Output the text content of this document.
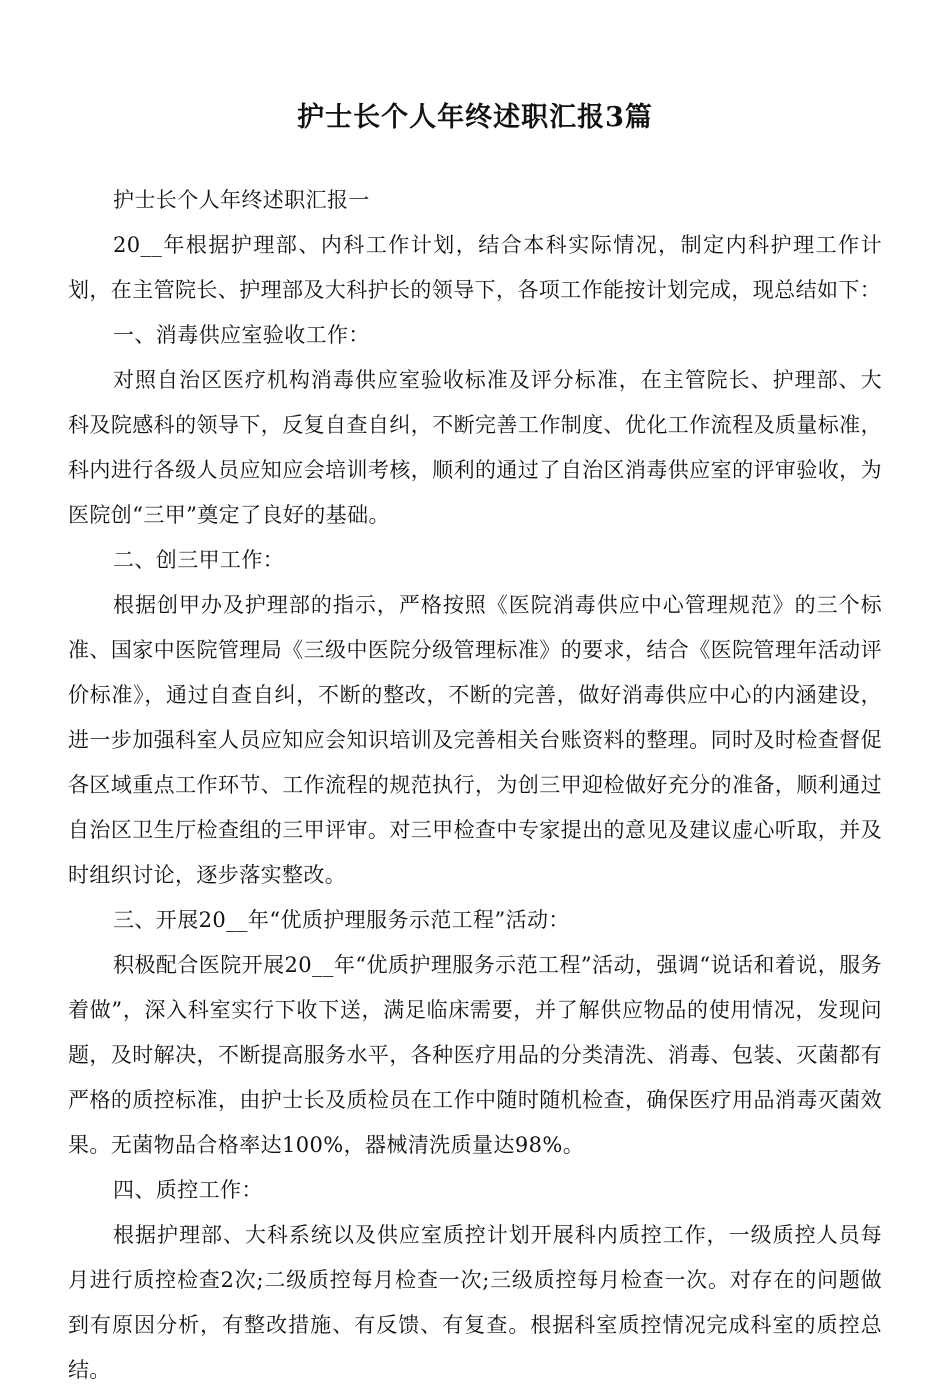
护士长个人年终述职汇报3篇

护士长个人年终述职汇报一

20__年根据护理部、内科工作计划，结合本科实际情况，制定内科护理工作计划，在主管院长、护理部及大科护长的领导下，各项工作能按计划完成，现总结如下：

一、消毒供应室验收工作：

对照自治区医疗机构消毒供应室验收标准及评分标准，在主管院长、护理部、大科及院感科的领导下，反复自查自纠，不断完善工作制度、优化工作流程及质量标准，科内进行各级人员应知应会培训考核，顺利的通过了自治区消毒供应室的评审验收，为医院创“三甲”奠定了良好的基础。

二、创三甲工作：

根据创甲办及护理部的指示，严格按照《医院消毒供应中心管理规范》的三个标准、国家中医院管理局《三级中医院分级管理标准》的要求，结合《医院管理年活动评价标准》，通过自查自纠，不断的整改，不断的完善，做好消毒供应中心的内涵建设，进一步加强科室人员应知应会知识培训及完善相关台账资料的整理。同时及时检查督促各区域重点工作环节、工作流程的规范执行，为创三甲迎检做好充分的准备，顺利通过自治区卫生厅检查组的三甲评审。对三甲检查中专家提出的意见及建议虚心听取，并及时组织讨论，逐步落实整改。

三、开展20__年“优质护理服务示范工程”活动：

积极配合医院开展20__年“优质护理服务示范工程”活动，强调“说话和着说，服务着做”，深入科室实行下收下送，满足临床需要，并了解供应物品的使用情况，发现问题，及时解决，不断提高服务水平，各种医疗用品的分类清洗、消毒、包装、灭菌都有严格的质控标准，由护士长及质检员在工作中随时随机检查，确保医疗用品消毒灭菌效果。无菌物品合格率达100%，器械清洗质量达98%。

四、质控工作：

根据护理部、大科系统以及供应室质控计划开展科内质控工作，一级质控人员每月进行质控检查2次;二级质控每月检查一次;三级质控每月检查一次。对存在的问题做到有原因分析，有整改措施、有反馈、有复查。根据科室质控情况完成科室的质控总结。
